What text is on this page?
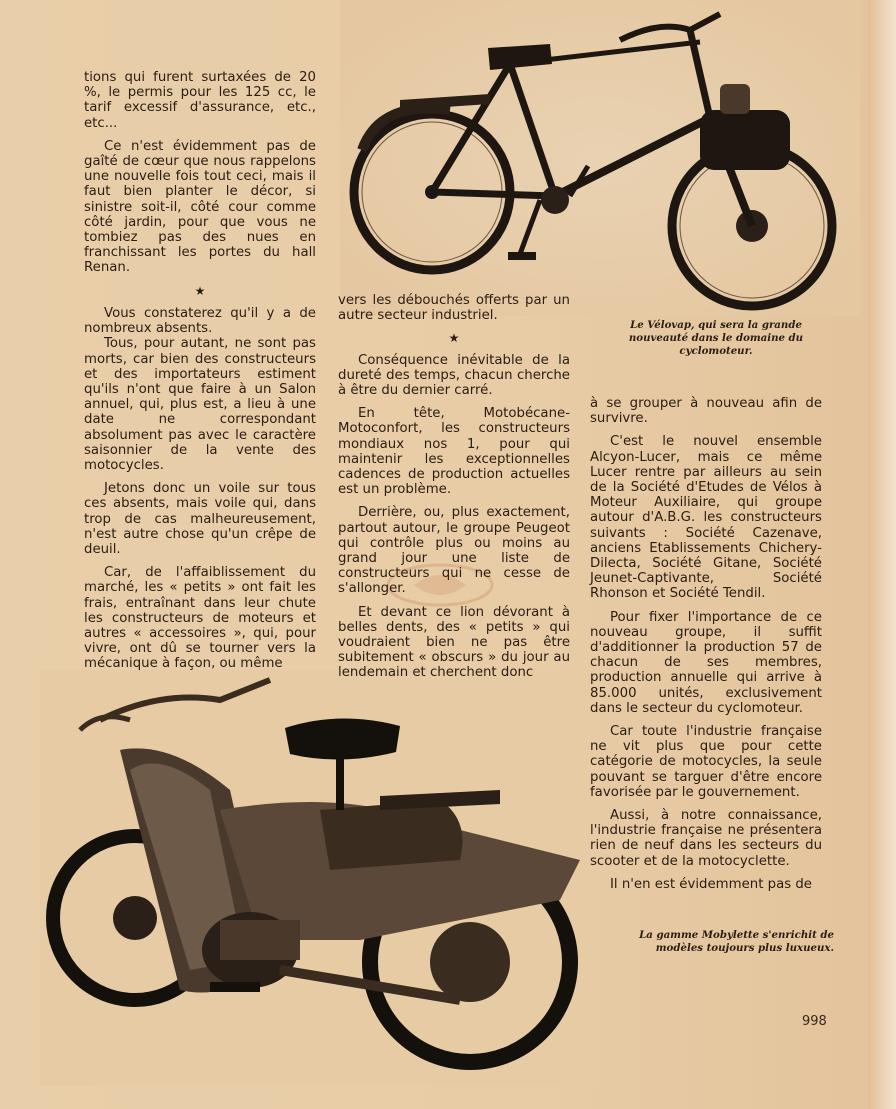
tions qui furent surtaxées de 20 %, le permis pour les 125 cc, le tarif excessif d'assurance, etc., etc...

Ce n'est évidemment pas de gaîté de cœur que nous rappelons une nouvelle fois tout ceci, mais il faut bien planter le décor, si sinistre soit-il, côté cour comme côté jardin, pour que vous ne tombiez pas des nues en franchissant les portes du hall Renan.

★

Vous constaterez qu'il y a de nombreux absents.

Tous, pour autant, ne sont pas morts, car bien des constructeurs et des importateurs estiment qu'ils n'ont que faire à un Salon annuel, qui, plus est, a lieu à une date ne correspondant absolument pas avec le caractère saisonnier de la vente des motocycles.

Jetons donc un voile sur tous ces absents, mais voile qui, dans trop de cas malheureusement, n'est autre chose qu'un crêpe de deuil.

Car, de l'affaiblissement du marché, les « petits » ont fait les frais, entraînant dans leur chute les constructeurs de moteurs et autres « accessoires », qui, pour vivre, ont dû se tourner vers la mécanique à façon, ou même

vers les débouchés offerts par un autre secteur industriel.

★

Conséquence inévitable de la dureté des temps, chacun cherche à être du dernier carré.

En tête, Motobécane-Motoconfort, les constructeurs mondiaux nos 1, pour qui maintenir les exceptionnelles cadences de production actuelles est un problème.

Derrière, ou, plus exactement, partout autour, le groupe Peugeot qui contrôle plus ou moins au grand jour une liste de constructeurs qui ne cesse de s'allonger.

Et devant ce lion dévorant à belles dents, des « petits » qui voudraient bien ne pas être subitement « obscurs » du jour au lendemain et cherchent donc

à se grouper à nouveau afin de survivre.

C'est le nouvel ensemble Alcyon-Lucer, mais ce même Lucer rentre par ailleurs au sein de la Société d'Etudes de Vélos à Moteur Auxiliaire, qui groupe autour d'A.B.G. les constructeurs suivants : Société Cazenave, anciens Etablissements Chichery-Dilecta, Société Gitane, Société Jeunet-Captivante, Société Rhonson et Société Tendil.

Pour fixer l'importance de ce nouveau groupe, il suffit d'additionner la production 57 de chacun de ses membres, production annuelle qui arrive à 85.000 unités, exclusivement dans le secteur du cyclomoteur.

Car toute l'industrie française ne vit plus que pour cette catégorie de motocycles, la seule pouvant se targuer d'être encore favorisée par le gouvernement.

Aussi, à notre connaissance, l'industrie française ne présentera rien de neuf dans les secteurs du scooter et de la motocyclette.

Il n'en est évidemment pas de

Le Vélovap, qui sera la grande nouveauté dans le domaine du cyclomoteur.
La gamme Mobylette s'enrichit de modèles toujours plus luxueux.
998
